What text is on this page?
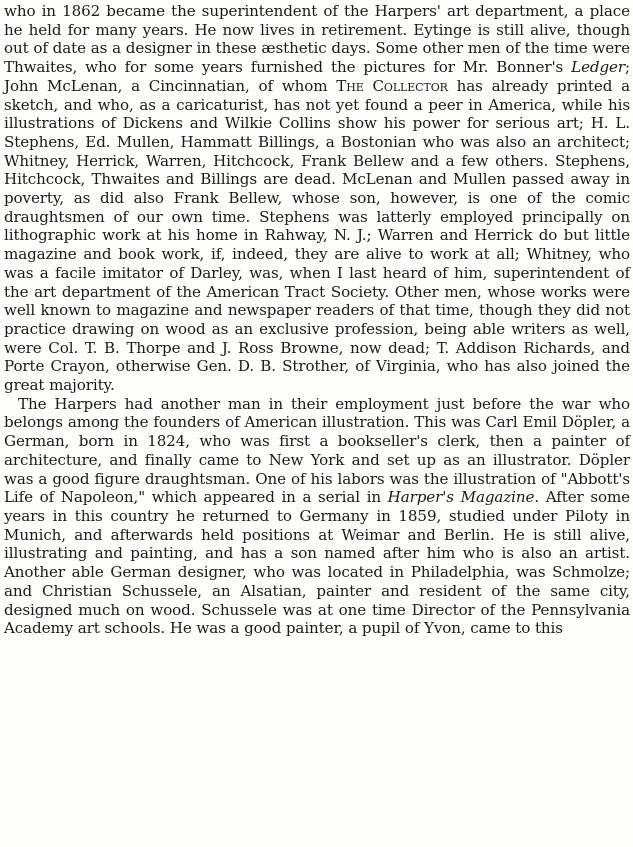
who in 1862 became the superintendent of the Harpers' art department, a place he held for many years. He now lives in retirement. Eytinge is still alive, though out of date as a designer in these æsthetic days. Some other men of the time were Thwaites, who for some years furnished the pictures for Mr. Bonner's Ledger; John McLenan, a Cincinnatian, of whom The Collector has already printed a sketch, and who, as a caricaturist, has not yet found a peer in America, while his illustrations of Dickens and Wilkie Collins show his power for serious art; H. L. Stephens, Ed. Mullen, Hammatt Billings, a Bostonian who was also an architect; Whitney, Herrick, Warren, Hitchcock, Frank Bellew and a few others. Stephens, Hitchcock, Thwaites and Billings are dead. McLenan and Mullen passed away in poverty, as did also Frank Bellew, whose son, however, is one of the comic draughtsmen of our own time. Stephens was latterly employed principally on lithographic work at his home in Rahway, N. J.; Warren and Herrick do but little magazine and book work, if, indeed, they are alive to work at all; Whitney, who was a facile imitator of Darley, was, when I last heard of him, superintendent of the art department of the American Tract Society. Other men, whose works were well known to magazine and newspaper readers of that time, though they did not practice drawing on wood as an exclusive profession, being able writers as well, were Col. T. B. Thorpe and J. Ross Browne, now dead; T. Addison Richards, and Porte Crayon, otherwise Gen. D. B. Strother, of Virginia, who has also joined the great majority.

The Harpers had another man in their employment just before the war who belongs among the founders of American illustration. This was Carl Emil Döpler, a German, born in 1824, who was first a bookseller's clerk, then a painter of architecture, and finally came to New York and set up as an illustrator. Döpler was a good figure draughtsman. One of his labors was the illustration of "Abbott's Life of Napoleon," which appeared in a serial in Harper's Magazine. After some years in this country he returned to Germany in 1859, studied under Piloty in Munich, and afterwards held positions at Weimar and Berlin. He is still alive, illustrating and painting, and has a son named after him who is also an artist. Another able German designer, who was located in Philadelphia, was Schmolze; and Christian Schussele, an Alsatian, painter and resident of the same city, designed much on wood. Schussele was at one time Director of the Pennsylvania Academy art schools. He was a good painter, a pupil of Yvon, came to this
